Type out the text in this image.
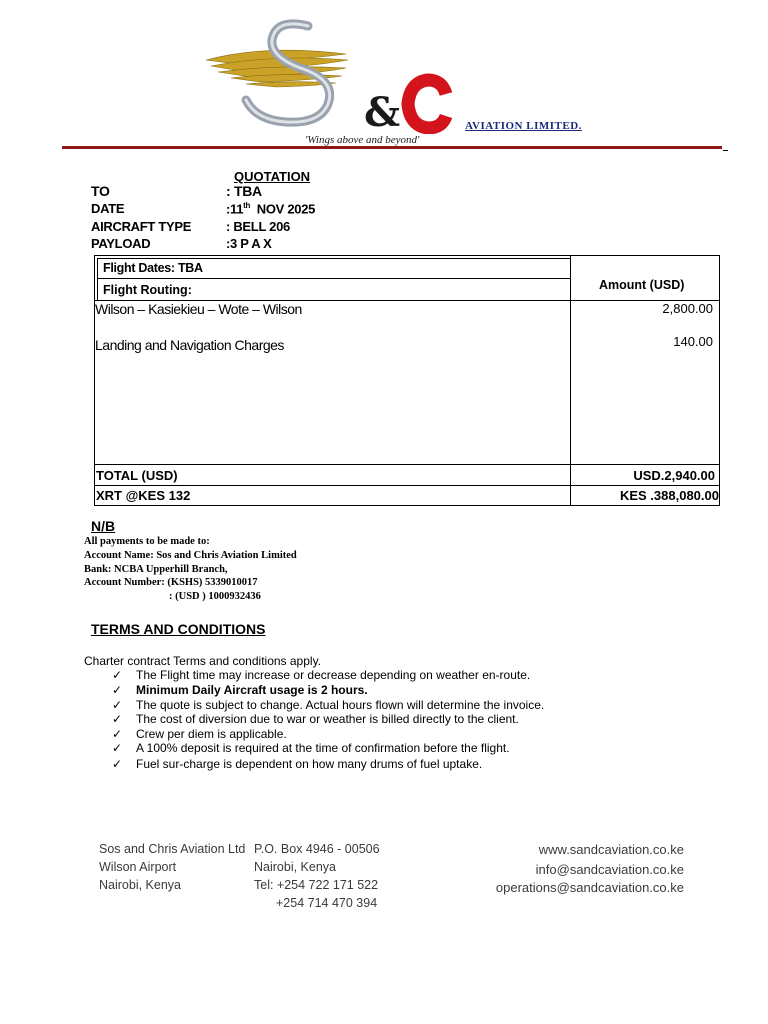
&
'Wings above and beyond'
AVIATION LIMITED.
QUOTATION
TO	: TBA
DATE	:11th  NOV 2025
AIRCRAFT TYPE	: BELL 206
PAYLOAD	:3 P A X
Flight Dates: TBA
Flight Routing:	Amount (USD)
Wilson – Kasiekieu – Wote – Wilson	2,800.00
Landing and Navigation Charges	140.00
TOTAL (USD)	USD.2,940.00
XRT @KES 132	KES .388,080.00
N/B
All payments to be made to:
Account Name: Sos and Chris Aviation Limited
Bank: NCBA Upperhill Branch,
Account Number: (KSHS) 5339010017
: (USD ) 1000932436
TERMS AND CONDITIONS
Charter contract Terms and conditions apply.
✓ The Flight time may increase or decrease depending on weather en-route.
✓ Minimum Daily Aircraft usage is 2 hours.
✓ The quote is subject to change. Actual hours flown will determine the invoice.
✓ The cost of diversion due to war or weather is billed directly to the client.
✓ Crew per diem is applicable.
✓ A 100% deposit is required at the time of confirmation before the flight.
✓ Fuel sur-charge is dependent on how many drums of fuel uptake.
Sos and Chris Aviation Ltd
Wilson Airport
Nairobi, Kenya
P.O. Box 4946 - 00506
Nairobi, Kenya
Tel: +254 722 171 522
+254 714 470 394
www.sandcaviation.co.ke
info@sandcaviation.co.ke
operations@sandcaviation.co.ke
